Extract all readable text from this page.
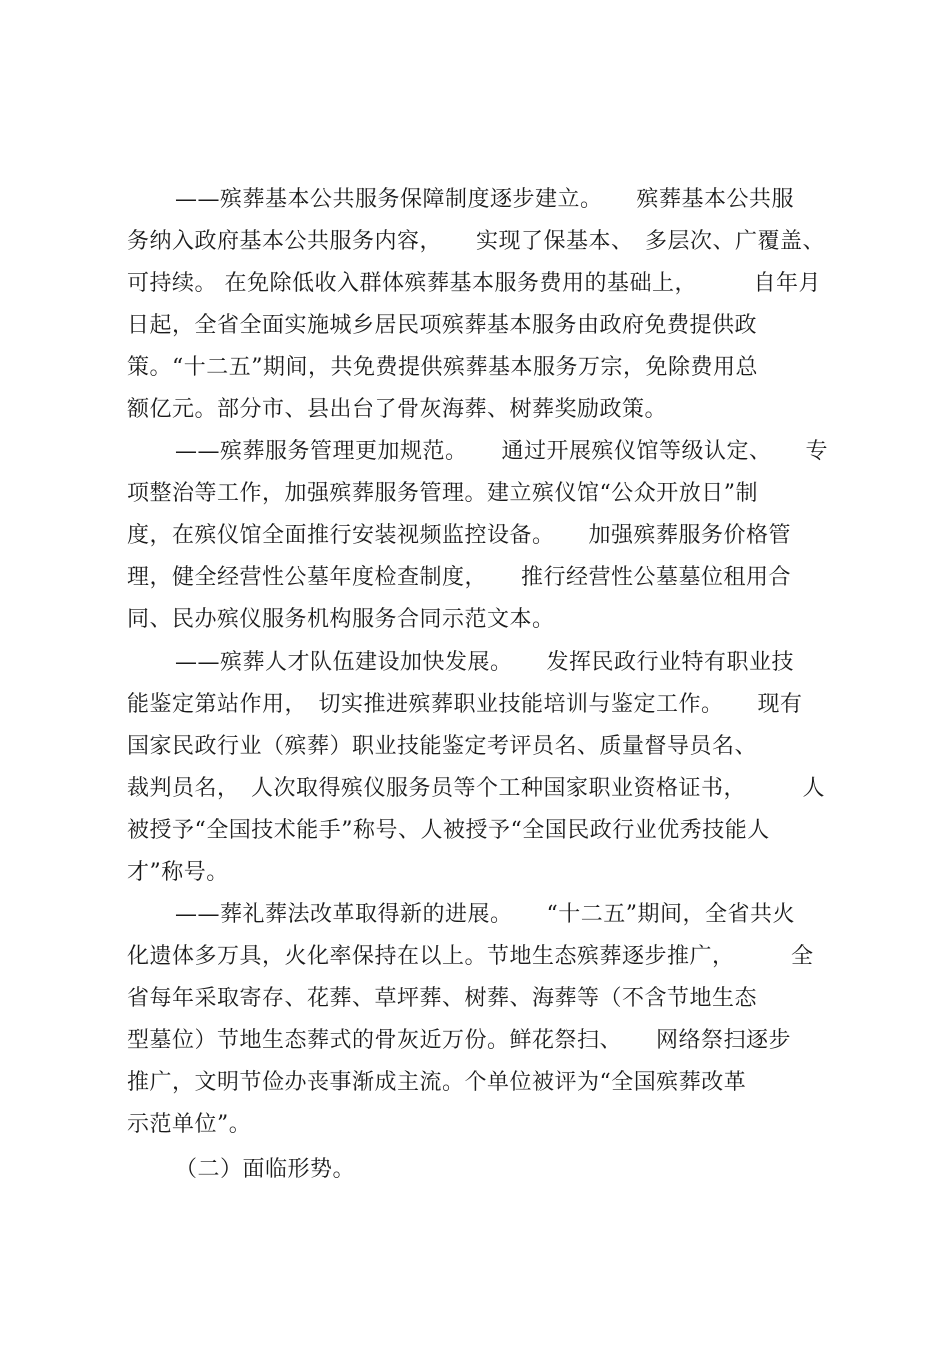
——殡葬基本公共服务保障制度逐步建立。　　殡葬基本公共服
务纳入政府基本公共服务内容，　　实现了保基本、　多层次、广覆盖、
可持续。 在免除低收入群体殡葬基本服务费用的基础上，　　　自年月
日起，全省全面实施城乡居民项殡葬基本服务由政府免费提供政
策。“十二五”期间，共免费提供殡葬基本服务万宗，免除费用总
额亿元。部分市、县出台了骨灰海葬、树葬奖励政策。
——殡葬服务管理更加规范。　　通过开展殡仪馆等级认定、　　专
项整治等工作，加强殡葬服务管理。建立殡仪馆“公众开放日”制
度，在殡仪馆全面推行安装视频监控设备。　　加强殡葬服务价格管
理，健全经营性公墓年度检查制度，　　推行经营性公墓墓位租用合
同、民办殡仪服务机构服务合同示范文本。
——殡葬人才队伍建设加快发展。　　发挥民政行业特有职业技
能鉴定第站作用，　切实推进殡葬职业技能培训与鉴定工作。　　现有
国家民政行业（殡葬）职业技能鉴定考评员名、质量督导员名、
裁判员名，　人次取得殡仪服务员等个工种国家职业资格证书，　　　人
被授予“全国技术能手”称号、人被授予“全国民政行业优秀技能人
才”称号。
——葬礼葬法改革取得新的进展。　　“十二五”期间，全省共火
化遗体多万具，火化率保持在以上。节地生态殡葬逐步推广，　　　全
省每年采取寄存、花葬、草坪葬、树葬、海葬等（不含节地生态
型墓位）节地生态葬式的骨灰近万份。鲜花祭扫、　　网络祭扫逐步
推广，文明节俭办丧事渐成主流。个单位被评为“全国殡葬改革
示范单位”。
（二）面临形势。
